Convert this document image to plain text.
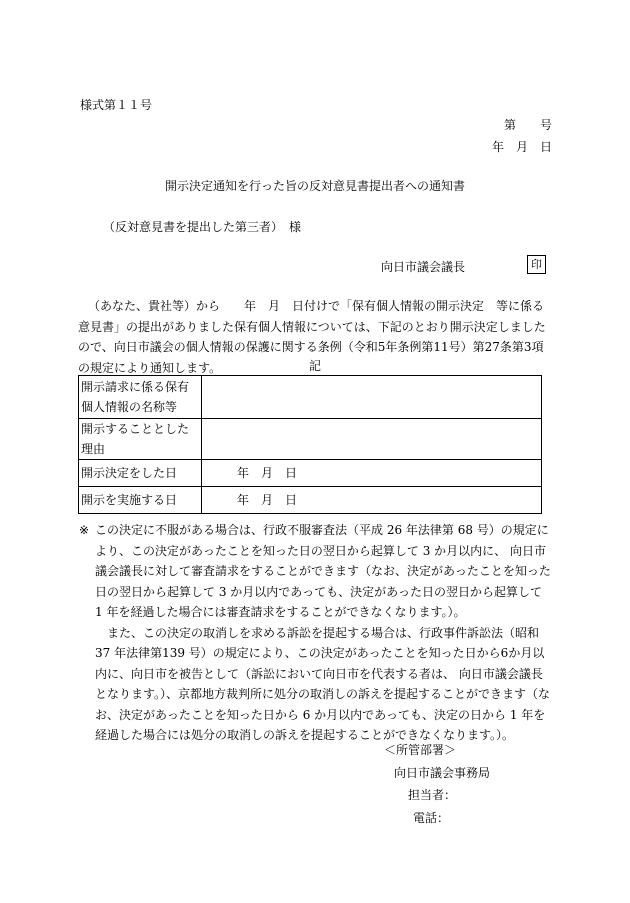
様式第１１号
第　　号
年　月　日
開示決定通知を行った旨の反対意見書提出者への通知書
（反対意見書を提出した第三者）　様
向日市議会議長	印
（あなた、貴社等）から　　年　月　日付けで「保有個人情報の開示決定　等に係る意見書」の提出がありました保有個人情報については、下記のとおり開示決定しましたので、向日市議会の個人情報の保護に関する条例（令和5年条例第11号）第27条第3項の規定により通知します。	記
開示請求に係る保有個人情報の名称等	
開示することとした理由	
開示決定をした日	年　月　日
開示を実施する日	年　月　日
※ この決定に不服がある場合は、行政不服審査法（平成 26 年法律第 68 号）の規定により、この決定があったことを知った日の翌日から起算して 3 か月以内に、 向日市議会議長に対して審査請求をすることができます（なお、決定があったことを知った日の翌日から起算して 3 か月以内であっても、決定があった日の翌日から起算して 1 年を経過した場合には審査請求をすることができなくなります。）。
また、この決定の取消しを求める訴訟を提起する場合は、行政事件訴訟法（昭和 37 年法律第139 号）の規定により、この決定があったことを知った日から6か月以内に、向日市を被告として（訴訟において向日市を代表する者は、 向日市議会議長となります。）、京都地方裁判所に処分の取消しの訴えを提起することができます（なお、決定があったことを知った日から 6 か月以内であっても、決定の日から 1 年を経過した場合には処分の取消しの訴えを提起することができなくなります。）。
＜所管部署＞
向日市議会事務局
担当者：
電話：
